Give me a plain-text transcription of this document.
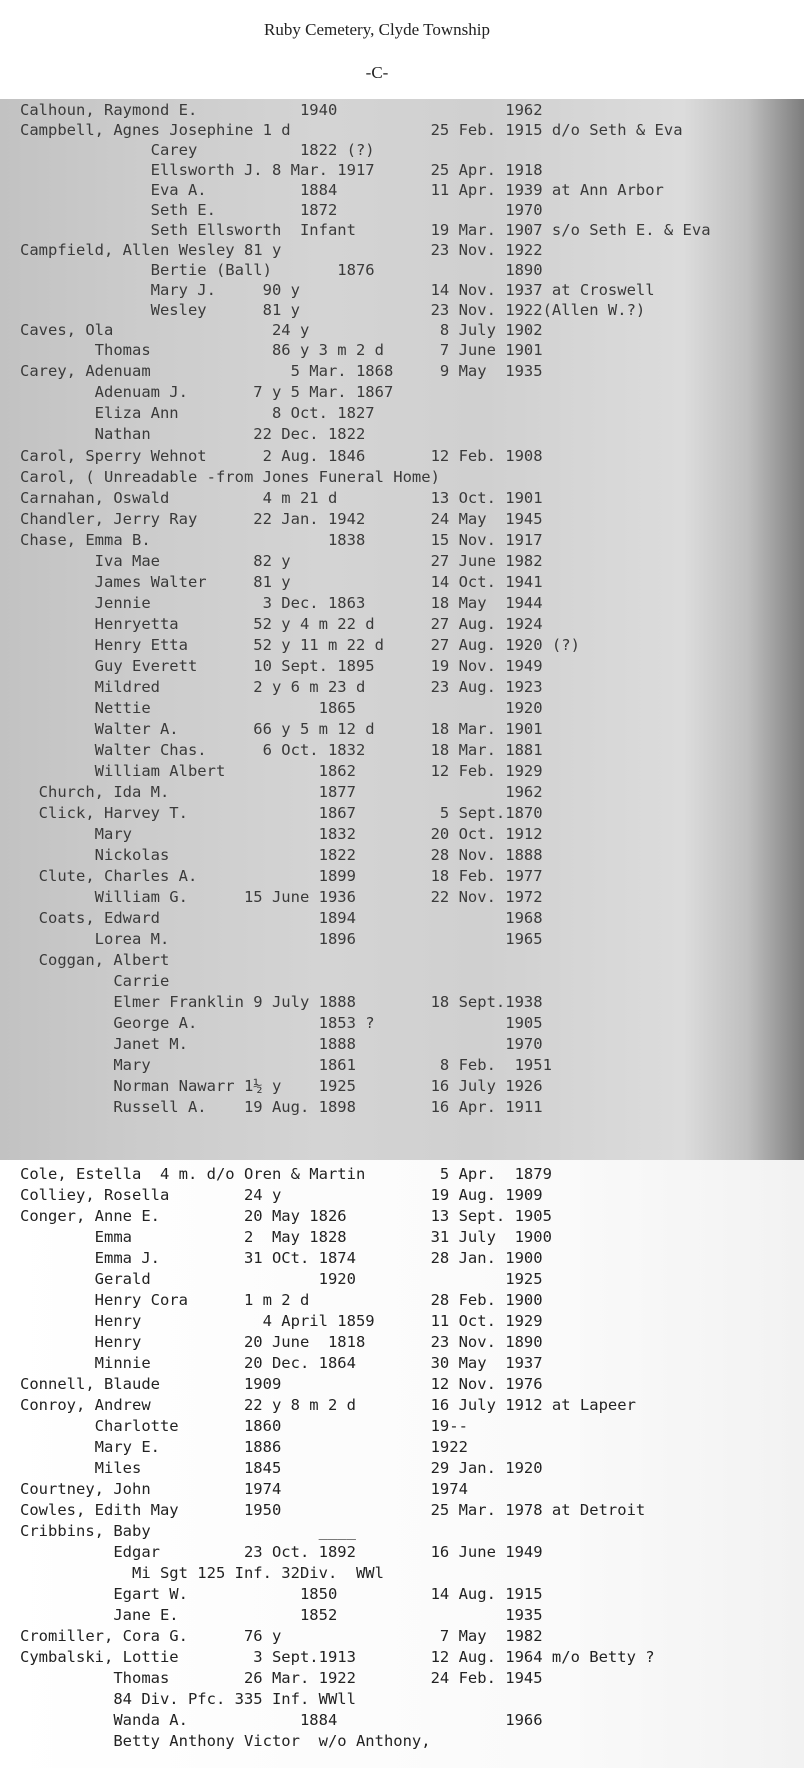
Ruby Cemetery, Clyde Township
-C-
Calhoun, Raymond E.           1940                  1962
Campbell, Agnes Josephine 1 d               25 Feb. 1915 d/o Seth & Eva
Carey           1822 (?)
Ellsworth J. 8 Mar. 1917      25 Apr. 1918
Eva A.          1884          11 Apr. 1939 at Ann Arbor
Seth E.         1872                  1970
Seth Ellsworth  Infant        19 Mar. 1907 s/o Seth E. & Eva
Campfield, Allen Wesley 81 y                23 Nov. 1922
Bertie (Ball)       1876              1890
Mary J.     90 y              14 Nov. 1937 at Croswell
Wesley      81 y              23 Nov. 1922(Allen W.?)
Caves, Ola                 24 y              8 July 1902
Thomas             86 y 3 m 2 d      7 June 1901
Carey, Adenuam               5 Mar. 1868     9 May  1935
Adenuam J.       7 y 5 Mar. 1867
Eliza Ann          8 Oct. 1827
Nathan           22 Dec. 1822
Carol, Sperry Wehnot      2 Aug. 1846       12 Feb. 1908
Carol, ( Unreadable -from Jones Funeral Home)
Carnahan, Oswald          4 m 21 d          13 Oct. 1901
Chandler, Jerry Ray      22 Jan. 1942       24 May  1945
Chase, Emma B.                   1838       15 Nov. 1917
Iva Mae          82 y               27 June 1982
James Walter     81 y               14 Oct. 1941
Jennie            3 Dec. 1863       18 May  1944
Henryetta        52 y 4 m 22 d      27 Aug. 1924
Henry Etta       52 y 11 m 22 d     27 Aug. 1920 (?)
Guy Everett      10 Sept. 1895      19 Nov. 1949
Mildred          2 y 6 m 23 d       23 Aug. 1923
Nettie                  1865                1920
Walter A.        66 y 5 m 12 d      18 Mar. 1901
Walter Chas.      6 Oct. 1832       18 Mar. 1881
William Albert          1862        12 Feb. 1929
Church, Ida M.                1877                1962
Click, Harvey T.              1867         5 Sept.1870
Mary                    1832        20 Oct. 1912
Nickolas                1822        28 Nov. 1888
Clute, Charles A.             1899        18 Feb. 1977
William G.      15 June 1936        22 Nov. 1972
Coats, Edward                 1894                1968
Lorea M.                1896                1965
Coggan, Albert
Carrie
Elmer Franklin 9 July 1888        18 Sept.1938
George A.             1853 ?              1905
Janet M.              1888                1970
Mary                  1861         8 Feb.  1951
Norman Nawarr 1½ y    1925        16 July 1926
Russell A.    19 Aug. 1898        16 Apr. 1911
Cole, Estella  4 m. d/o Oren & Martin        5 Apr.  1879
Colliey, Rosella        24 y                19 Aug. 1909
Conger, Anne E.         20 May 1826         13 Sept. 1905
Emma            2  May 1828         31 July  1900
Emma J.         31 OCt. 1874        28 Jan. 1900
Gerald                  1920                1925
Henry Cora      1 m 2 d             28 Feb. 1900
Henry             4 April 1859      11 Oct. 1929
Henry           20 June  1818       23 Nov. 1890
Minnie          20 Dec. 1864        30 May  1937
Connell, Blaude         1909                12 Nov. 1976
Conroy, Andrew          22 y 8 m 2 d        16 July 1912 at Lapeer
Charlotte       1860                19--
Mary E.         1886                1922
Miles           1845                29 Jan. 1920
Courtney, John          1974                1974
Cowles, Edith May       1950                25 Mar. 1978 at Detroit
Cribbins, Baby                  ____
Edgar         23 Oct. 1892        16 June 1949
Mi Sgt 125 Inf. 32Div.  WWl
Egart W.            1850          14 Aug. 1915
Jane E.             1852                  1935
Cromiller, Cora G.      76 y                 7 May  1982
Cymbalski, Lottie        3 Sept.1913        12 Aug. 1964 m/o Betty ?
Thomas        26 Mar. 1922        24 Feb. 1945
84 Div. Pfc. 335 Inf. WWll
Wanda A.            1884                  1966
Betty Anthony Victor  w/o Anthony,
